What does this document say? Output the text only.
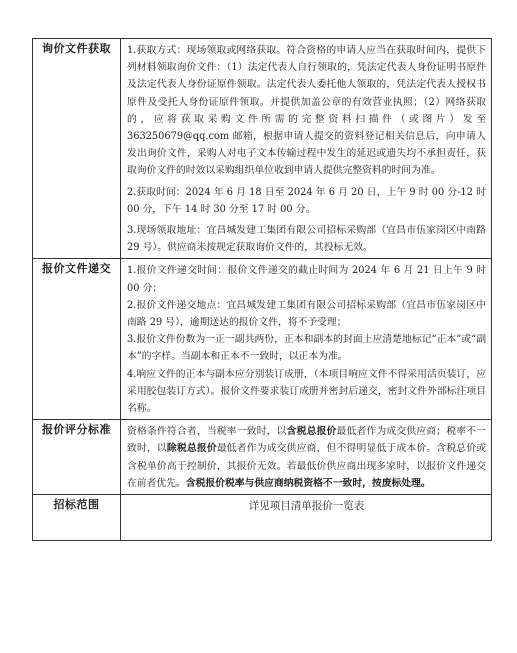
询价文件获取	1.获取方式：现场领取或网络获取。符合资格的申请人应当在获取时间内，提供下列材料领取询价文件：（1）法定代表人自行领取的，凭法定代表人身份证明书原件及法定代表人身份证原件领取。法定代表人委托他人领取的，凭法定代表人授权书原件及受托人身份证原件领取。并提供加盖公章的有效营业执照；（2）网络获取的，应将获取采购文件所需的完整资料扫描件（或图片）发至 363250679@qq.com 邮箱，根据申请人提交的资料登记相关信息后，向申请人发出询价文件，采购人对电子文本传输过程中发生的延迟或遗失均不承担责任，获取询价文件的时效以采购组织单位收到申请人提供完整资料的时间为准。

2.获取时间：2024 年 6 月 18 日至 2024 年 6 月 20 日，上午 9 时 00 分-12 时 00 分，下午 14 时 30 分至 17 时 00 分。

3.现场领取地址：宜昌城发建工集团有限公司招标采购部（宜昌市伍家岗区中南路 29 号）。供应商未按规定获取询价文件的，其投标无效。

报价文件递交	1.报价文件递交时间：报价文件递交的截止时间为 2024 年 6 月 21 日上午 9 时 00 分；

2.报价文件递交地点：宜昌城发建工集团有限公司招标采购部（宜昌市伍家岗区中南路 29 号），逾期送达的报价文件，将不予受理；

3.报价文件份数为一正一副共两份，正本和副本的封面上应清楚地标记“正本”或“副本”的字样。当副本和正本不一致时，以正本为准。

4.响应文件的正本与副本应分别装订成册，（本项目响应文件不得采用活页装订，应采用胶包装订方式）。报价文件要求装订成册并密封后递交，密封文件外部标注项目名称。

报价评分标准	资格条件符合者，当税率一致时，以含税总报价最低者作为成交供应商；税率不一致时，以除税总报价最低者作为成交供应商，但不得明显低于成本价。含税总价或含税单价高于控制价，其报价无效。若最低价供应商出现多家时，以报价文件递交在前者优先。含税报价税率与供应商纳税资格不一致时，按废标处理。

招标范围	详见项目清单报价一览表
